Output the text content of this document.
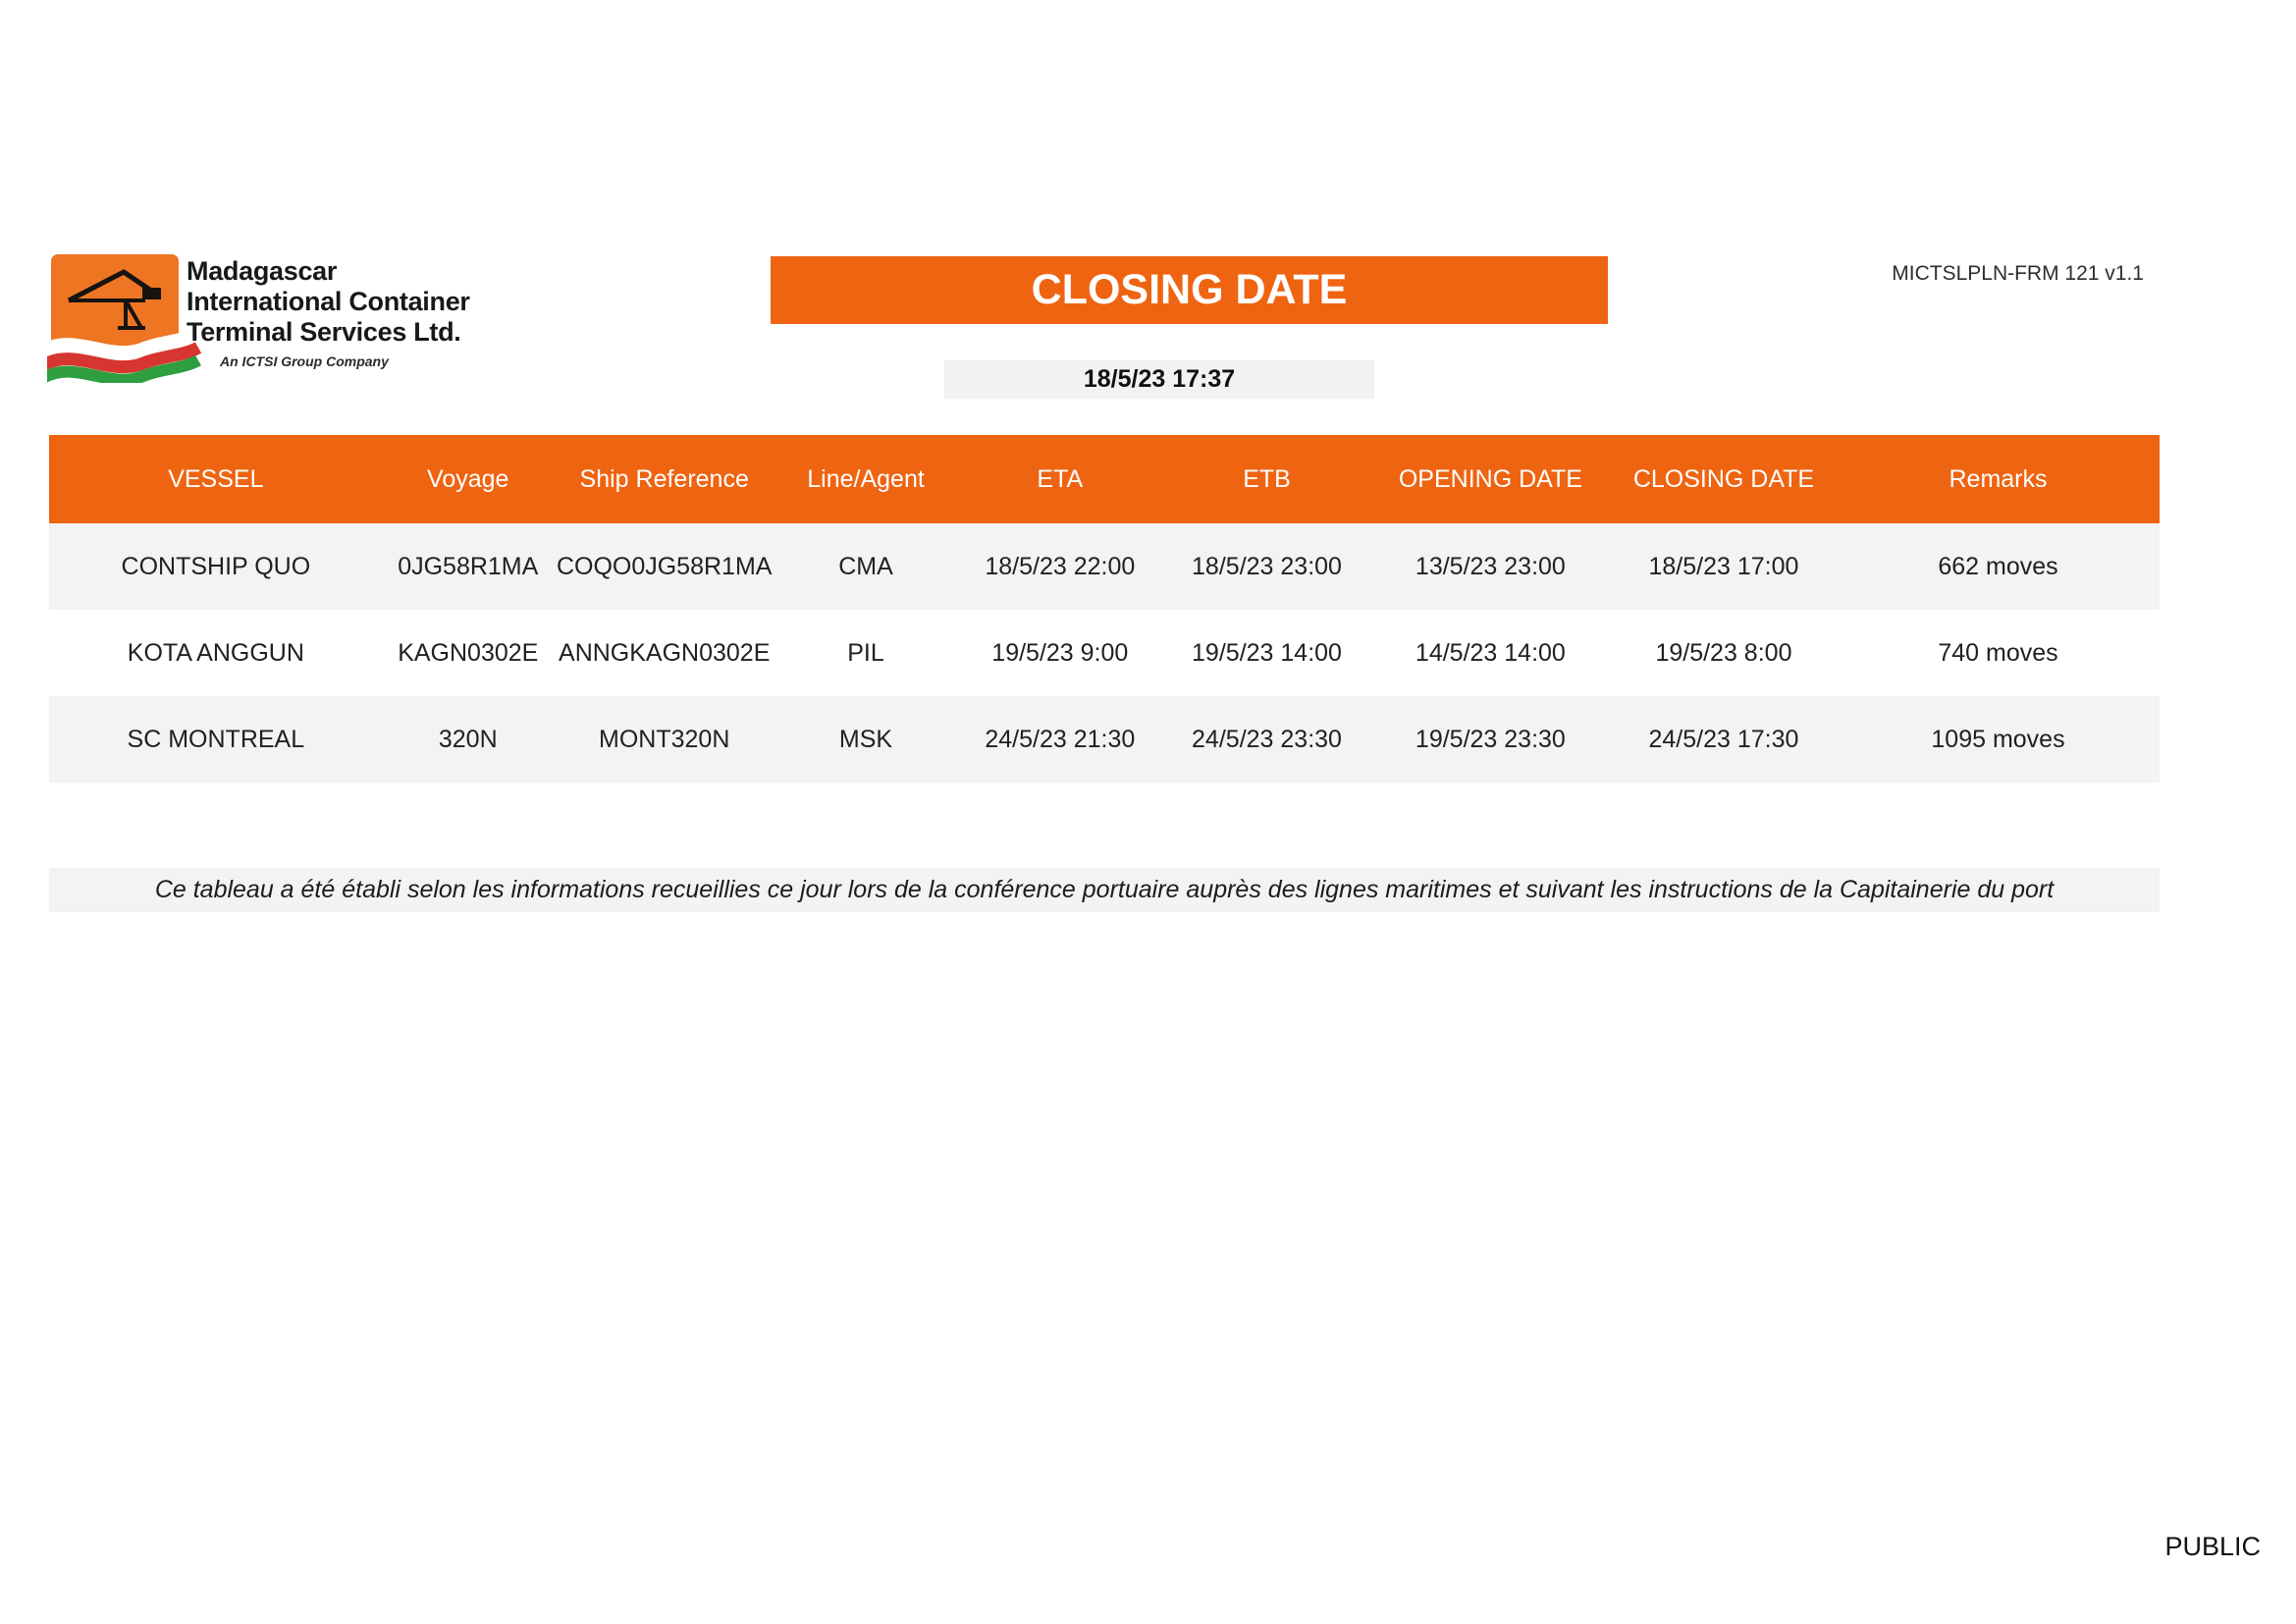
Madagascar
International Container
Terminal Services Ltd.
An ICTSI Group Company
CLOSING DATE	MICTSLPLN-FRM 121 v1.1
18/5/23 17:37
VESSEL	Voyage	Ship Reference	Line/Agent	ETA	ETB	OPENING DATE	CLOSING DATE	Remarks
CONTSHIP QUO	0JG58R1MA	COQO0JG58R1MA	CMA	18/5/23 22:00	18/5/23 23:00	13/5/23 23:00	18/5/23 17:00	662 moves
KOTA ANGGUN	KAGN0302E	ANNGKAGN0302E	PIL	19/5/23 9:00	19/5/23 14:00	14/5/23 14:00	19/5/23 8:00	740 moves
SC MONTREAL	320N	MONT320N	MSK	24/5/23 21:30	24/5/23 23:30	19/5/23 23:30	24/5/23 17:30	1095 moves
Ce tableau a été établi selon les informations recueillies ce jour lors de la conférence portuaire auprès des lignes maritimes et suivant les instructions de la Capitainerie du port
PUBLIC
